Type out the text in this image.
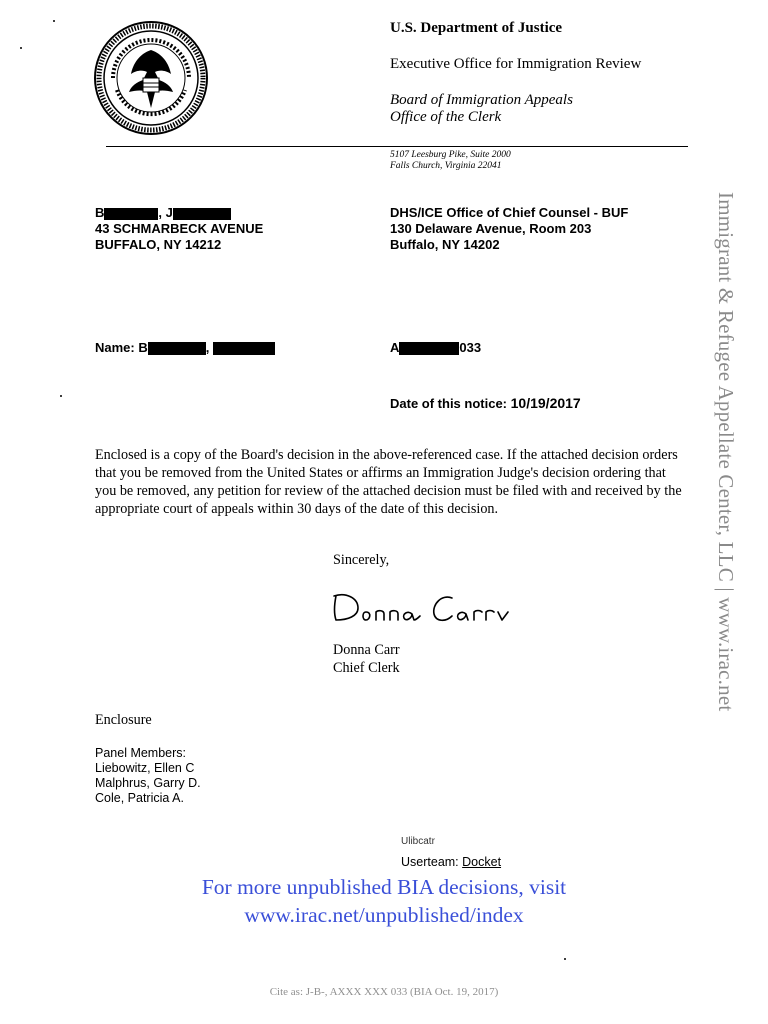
U.S. Department of Justice
Executive Office for Immigration Review
Board of Immigration Appeals
Office of the Clerk
5107 Leesburg Pike, Suite 2000
Falls Church, Virginia 22041
B	, J
43 SCHMARBECK AVENUE
BUFFALO, NY 14212
DHS/ICE Office of Chief Counsel - BUF
130 Delaware Avenue, Room 203
Buffalo, NY 14202
Name: B	,	A	033
Date of this notice: 10/19/2017
Enclosed is a copy of the Board's decision in the above-referenced case. If the attached decision orders that you be removed from the United States or affirms an Immigration Judge's decision ordering that you be removed, any petition for review of the attached decision must be filed with and received by the appropriate court of appeals within 30 days of the date of this decision.
Sincerely,
Donna Carr
Chief Clerk
Enclosure
Panel Members:
Liebowitz, Ellen C
Malphrus, Garry D.
Cole, Patricia A.
Ulibcatr
Userteam: Docket
Immigrant & Refugee Appellate Center, LLC | www.irac.net
For more unpublished BIA decisions, visit
www.irac.net/unpublished/index
Cite as: J-B-, AXXX XXX 033 (BIA Oct. 19, 2017)
